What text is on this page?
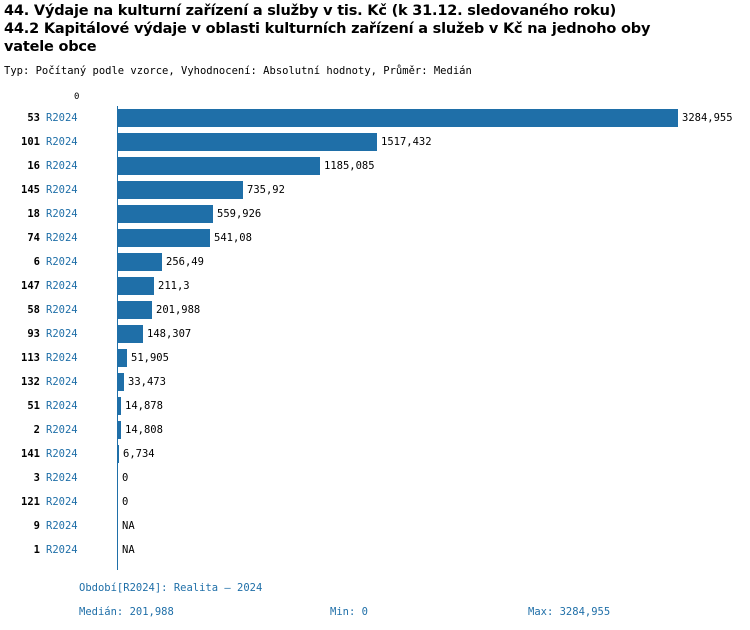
44. Výdaje na kulturní zařízení a služby v tis. Kč (k 31.12. sledovaného roku)
44.2 Kapitálové výdaje v oblasti kulturních zařízení a služeb v Kč na jednoho oby
vatele obce
Typ: Počítaný podle vzorce, Vyhodnocení: Absolutní hodnoty, Průměr: Medián
0
53 R2024	3284,955
101 R2024	1517,432
16 R2024	1185,085
145 R2024	735,92
18 R2024	559,926
74 R2024	541,08
6 R2024	256,49
147 R2024	211,3
58 R2024	201,988
93 R2024	148,307
113 R2024	51,905
132 R2024	33,473
51 R2024	14,878
2 R2024	14,808
141 R2024	6,734
3 R2024	0
121 R2024	0
9 R2024	NA
1 R2024	NA
Období[R2024]: Realita – 2024
Medián: 201,988	Min: 0	Max: 3284,955
